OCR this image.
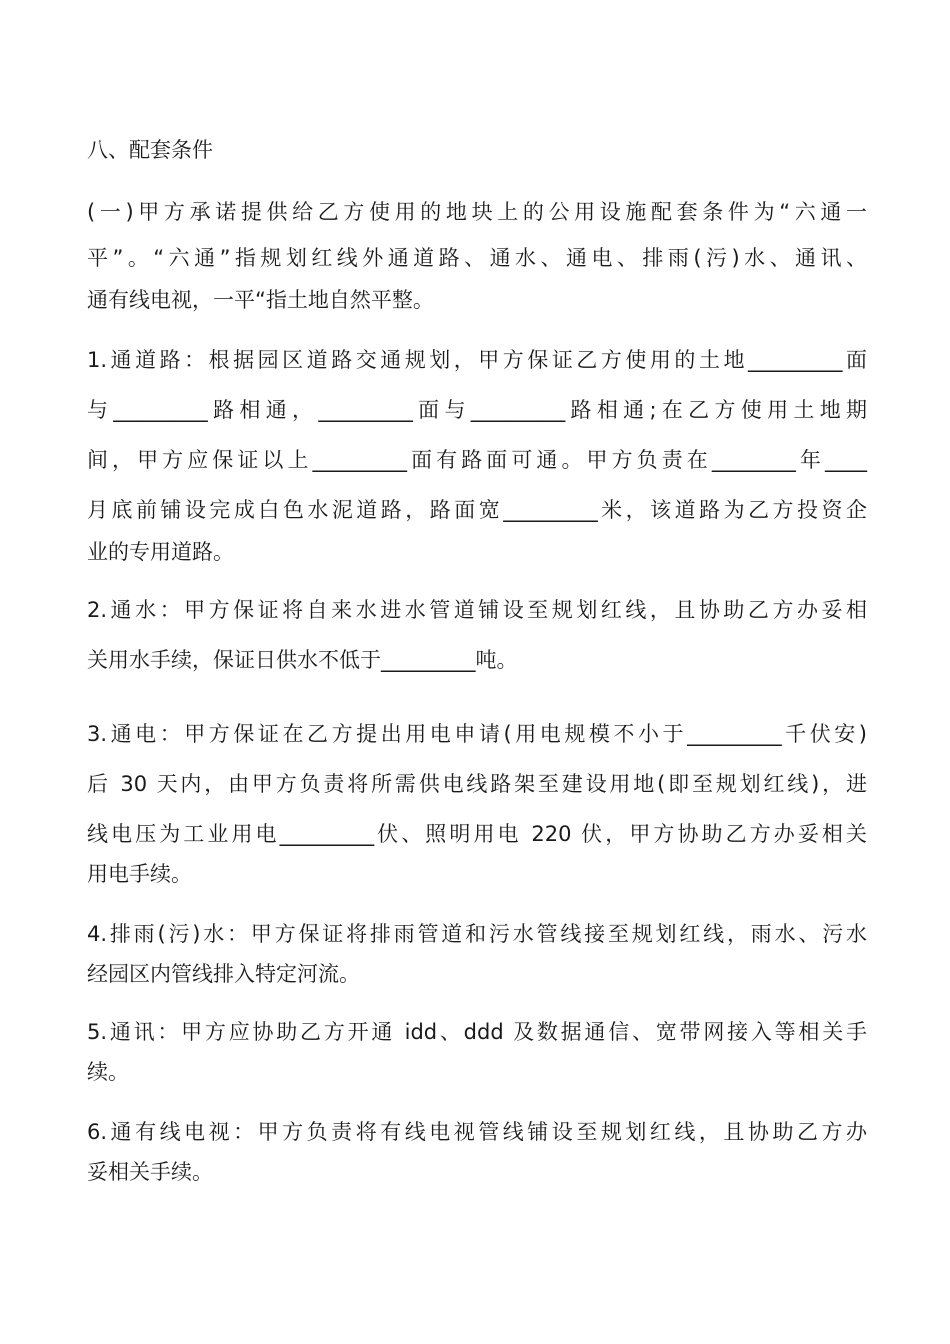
八、配套条件
(一)甲方承诺提供给乙方使用的地块上的公用设施配套条件为“六通一
平”。“六通”指规划红线外通道路、通水、通电、排雨(污)水、通讯、
通有线电视，一平“指土地自然平整。
1.通道路：根据园区道路交通规划，甲方保证乙方使用的土地_________面
与_________路相通，_________面与_________路相通;在乙方使用土地期
间，甲方应保证以上_________面有路面可通。甲方负责在________年____
月底前铺设完成白色水泥道路，路面宽_________米，该道路为乙方投资企
业的专用道路。
2.通水：甲方保证将自来水进水管道铺设至规划红线，且协助乙方办妥相
关用水手续，保证日供水不低于_________吨。
3.通电：甲方保证在乙方提出用电申请(用电规模不小于_________千伏安)
后 30 天内，由甲方负责将所需供电线路架至建设用地(即至规划红线)，进
线电压为工业用电_________伏、照明用电 220 伏，甲方协助乙方办妥相关
用电手续。
4.排雨(污)水：甲方保证将排雨管道和污水管线接至规划红线，雨水、污水
经园区内管线排入特定河流。
5.通讯：甲方应协助乙方开通 idd、ddd 及数据通信、宽带网接入等相关手
续。
6.通有线电视：甲方负责将有线电视管线铺设至规划红线，且协助乙方办
妥相关手续。
